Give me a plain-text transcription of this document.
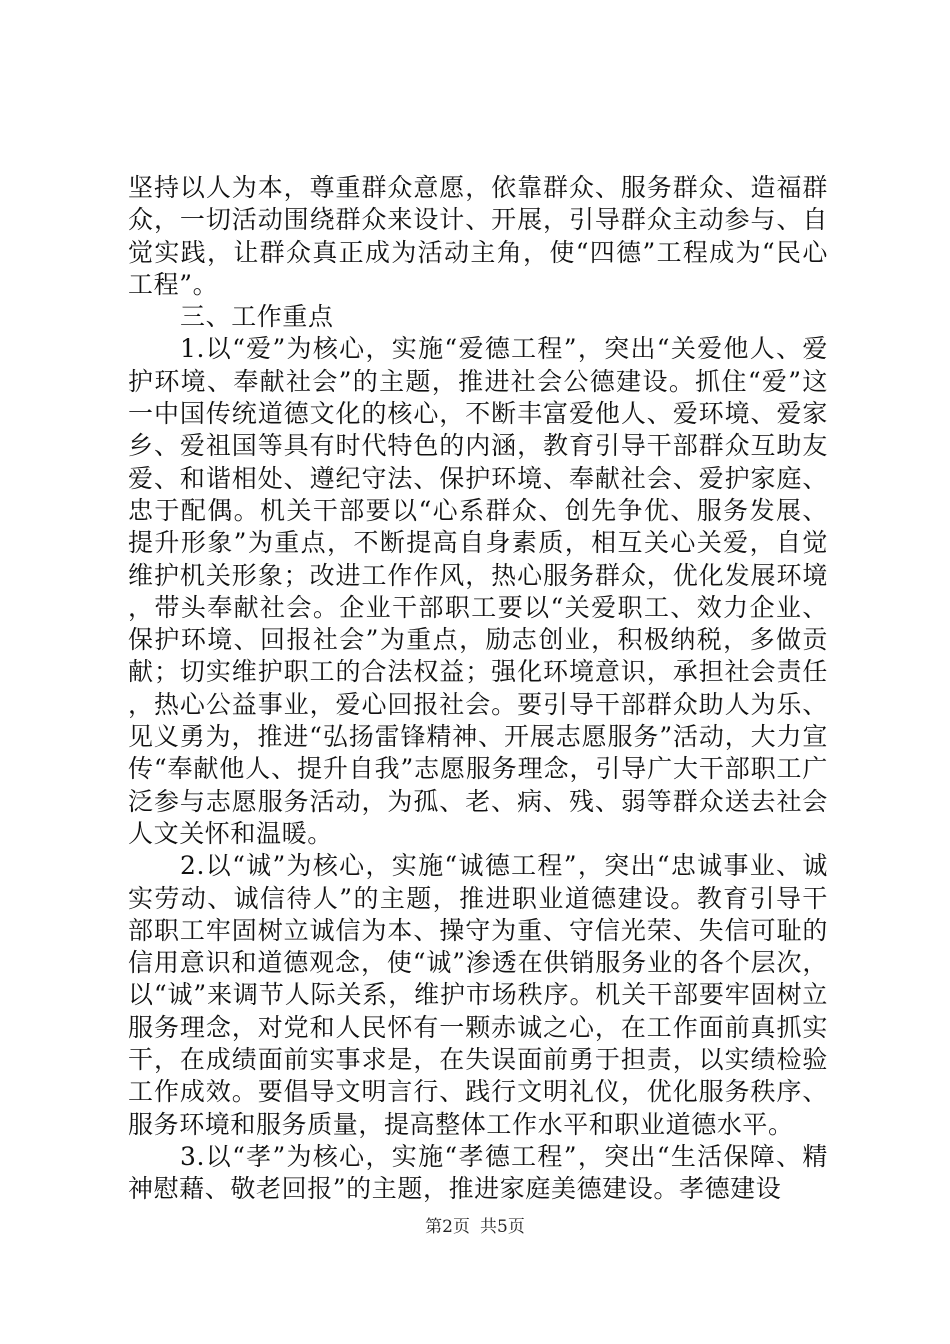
坚持以人为本，尊重群众意愿，依靠群众、服务群众、造福群众，一切活动围绕群众来设计、开展，引导群众主动参与、自觉实践，让群众真正成为活动主角，使“四德”工程成为“民心工程”。

三、工作重点

1.以“爱”为核心，实施“爱德工程”，突出“关爱他人、爱护环境、奉献社会”的主题，推进社会公德建设。抓住“爱”这一中国传统道德文化的核心，不断丰富爱他人、爱环境、爱家乡、爱祖国等具有时代特色的内涵，教育引导干部群众互助友爱、和谐相处、遵纪守法、保护环境、奉献社会、爱护家庭、忠于配偶。机关干部要以“心系群众、创先争优、服务发展、提升形象”为重点，不断提高自身素质，相互关心关爱，自觉维护机关形象；改进工作作风，热心服务群众，优化发展环境，带头奉献社会。企业干部职工要以“关爱职工、效力企业、保护环境、回报社会”为重点，励志创业，积极纳税，多做贡献；切实维护职工的合法权益；强化环境意识，承担社会责任，热心公益事业，爱心回报社会。要引导干部群众助人为乐、见义勇为，推进“弘扬雷锋精神、开展志愿服务”活动，大力宣传“奉献他人、提升自我”志愿服务理念，引导广大干部职工广泛参与志愿服务活动，为孤、老、病、残、弱等群众送去社会人文关怀和温暖。

2.以“诚”为核心，实施“诚德工程”，突出“忠诚事业、诚实劳动、诚信待人”的主题，推进职业道德建设。教育引导干部职工牢固树立诚信为本、操守为重、守信光荣、失信可耻的信用意识和道德观念，使“诚”渗透在供销服务业的各个层次，以“诚”来调节人际关系，维护市场秩序。机关干部要牢固树立服务理念，对党和人民怀有一颗赤诚之心，在工作面前真抓实干，在成绩面前实事求是，在失误面前勇于担责，以实绩检验工作成效。要倡导文明言行、践行文明礼仪，优化服务秩序、服务环境和服务质量，提高整体工作水平和职业道德水平。

3.以“孝”为核心，实施“孝德工程”，突出“生活保障、精神慰藉、敬老回报”的主题，推进家庭美德建设。孝德建设

第2页 共5页
